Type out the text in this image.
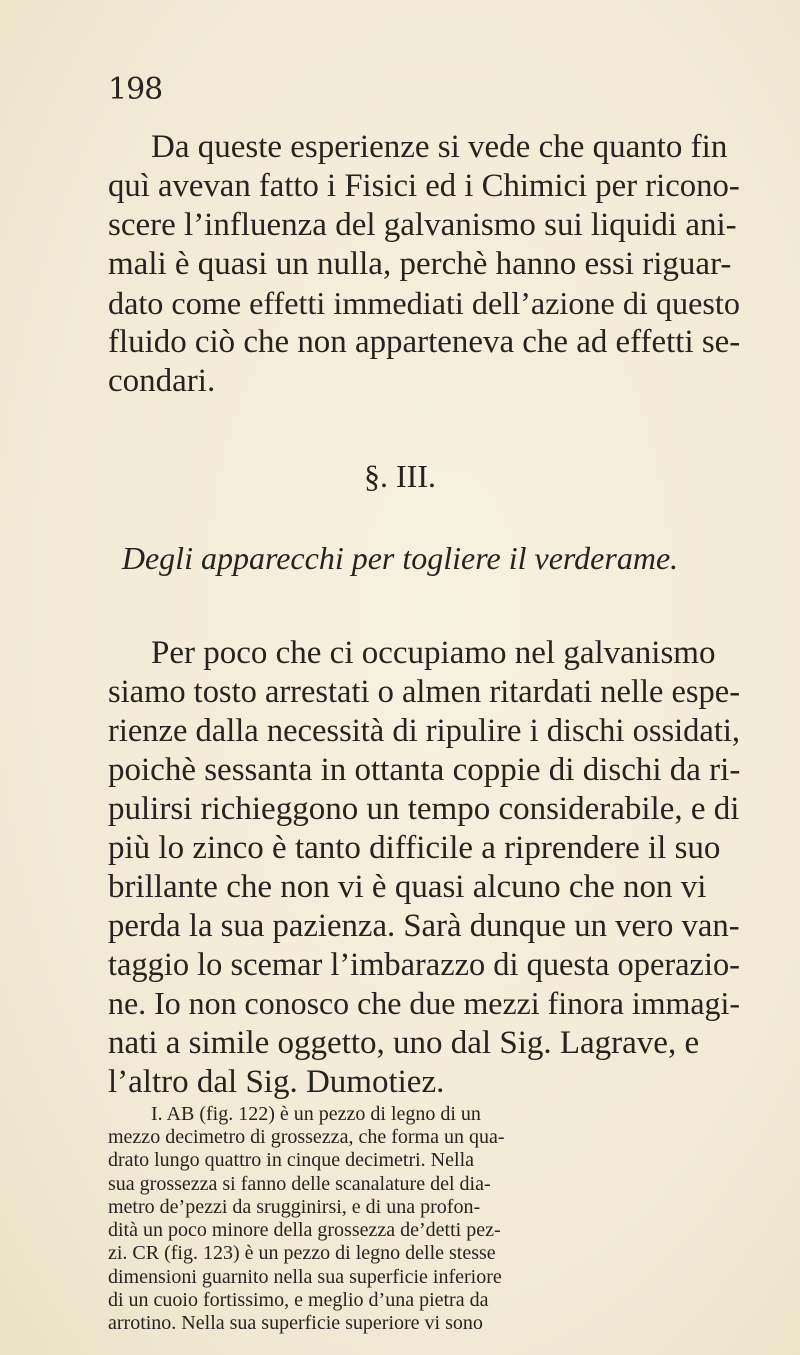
198
Da queste esperienze si vede che quanto fin
quì avevan fatto i Fisici ed i Chimici per ricono-
scere l’influenza del galvanismo sui liquidi ani-
mali è quasi un nulla, perchè hanno essi riguar-
dato come effetti immediati dell’azione di questo
fluido ciò che non apparteneva che ad effetti se-
condari.
§. III.
Degli apparecchi per togliere il verderame.
Per poco che ci occupiamo nel galvanismo
siamo tosto arrestati o almen ritardati nelle espe-
rienze dalla necessità di ripulire i dischi ossidati,
poichè sessanta in ottanta coppie di dischi da ri-
pulirsi richieggono un tempo considerabile, e di
più lo zinco è tanto difficile a riprendere il suo
brillante che non vi è quasi alcuno che non vi
perda la sua pazienza. Sarà dunque un vero van-
taggio lo scemar l’imbarazzo di questa operazio-
ne. Io non conosco che due mezzi finora immagi-
nati a simile oggetto, uno dal Sig. Lagrave, e
l’altro dal Sig. Dumotiez.
I. AB (fig. 122) è un pezzo di legno di un
mezzo decimetro di grossezza, che forma un qua-
drato lungo quattro in cinque decimetri. Nella
sua grossezza si fanno delle scanalature del dia-
metro de’pezzi da srugginirsi, e di una profon-
dità un poco minore della grossezza de’detti pez-
zi. CR (fig. 123) è un pezzo di legno delle stesse
dimensioni guarnito nella sua superficie inferiore
di un cuoio fortissimo, e meglio d’una pietra da
arrotino. Nella sua superficie superiore vi sono
